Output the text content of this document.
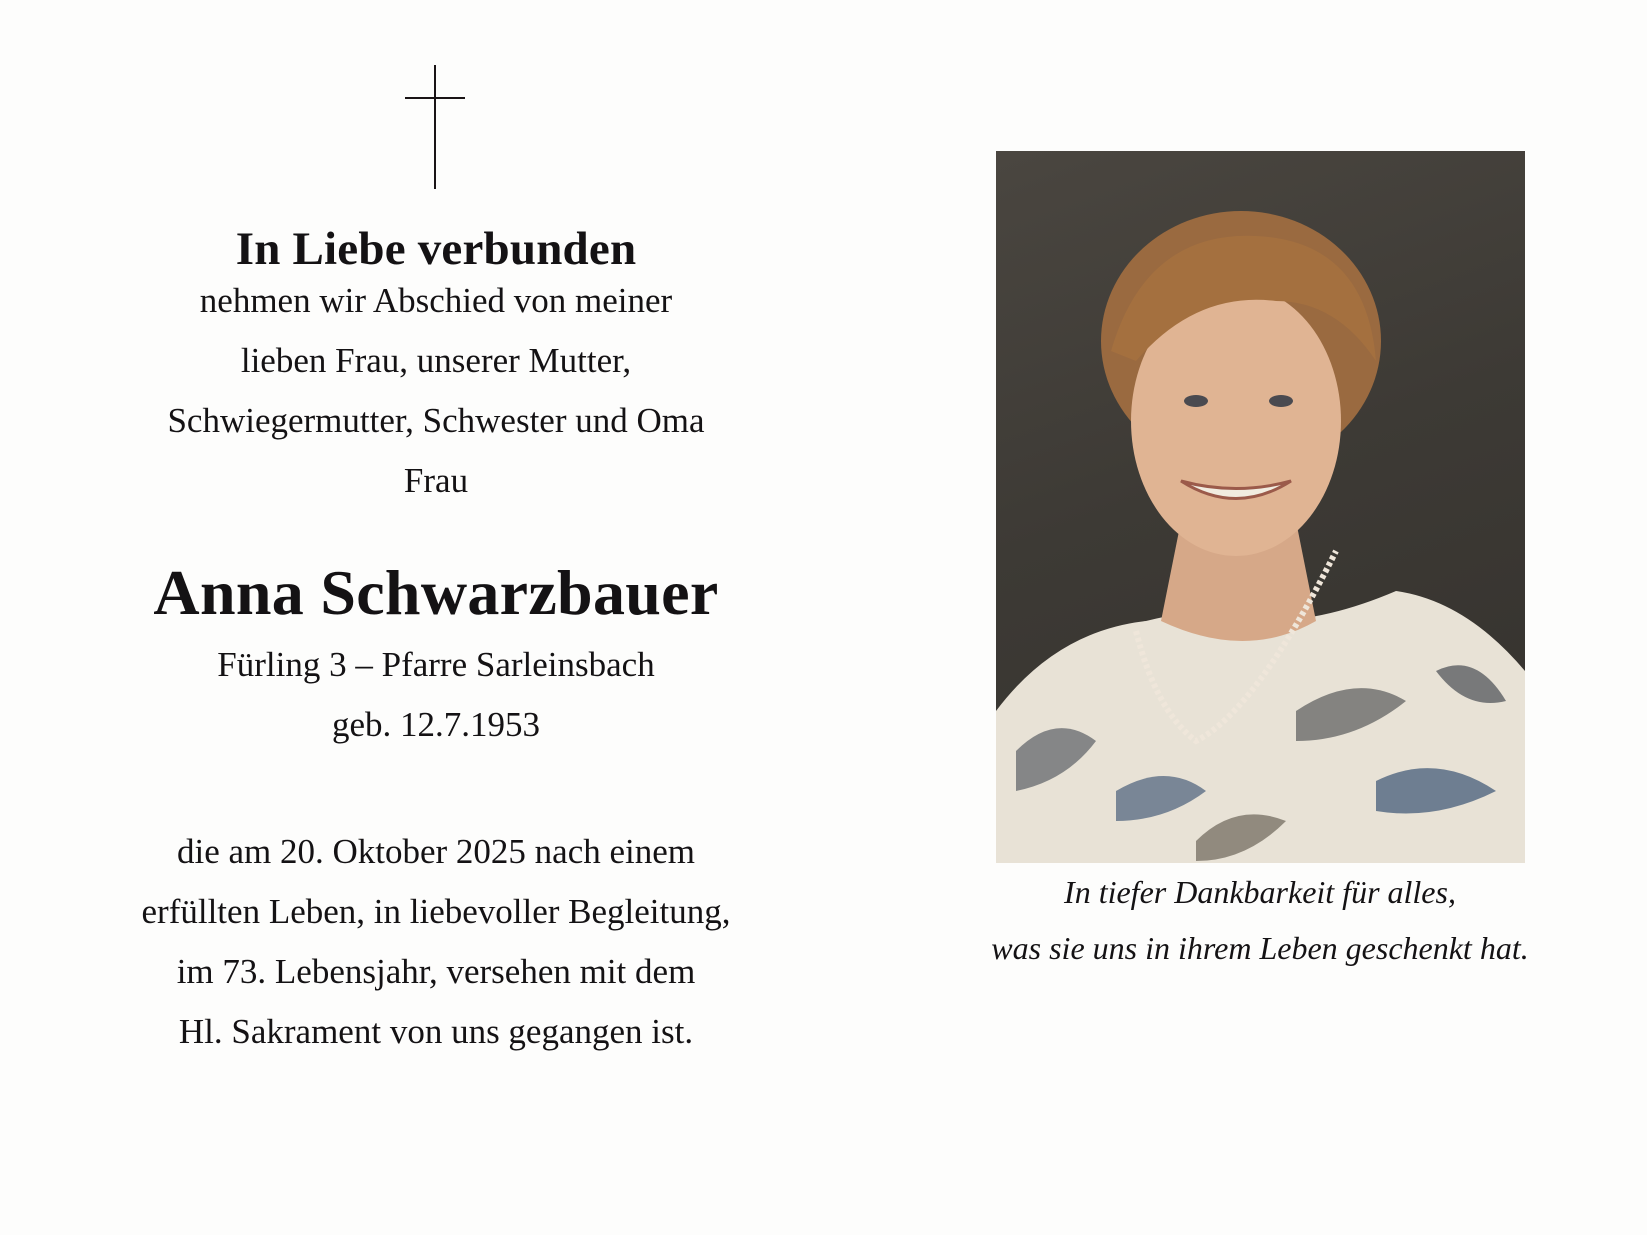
In Liebe verbunden
nehmen wir Abschied von meiner
lieben Frau, unserer Mutter,
Schwiegermutter, Schwester und Oma
Frau
Anna Schwarzbauer
Fürling 3 – Pfarre Sarleinsbach
geb. 12.7.1953
die am 20. Oktober 2025 nach einem
erfüllten Leben, in liebevoller Begleitung,
im 73. Lebensjahr, versehen mit dem
Hl. Sakrament von uns gegangen ist.
In tiefer Dankbarkeit für alles,
was sie uns in ihrem Leben geschenkt hat.
